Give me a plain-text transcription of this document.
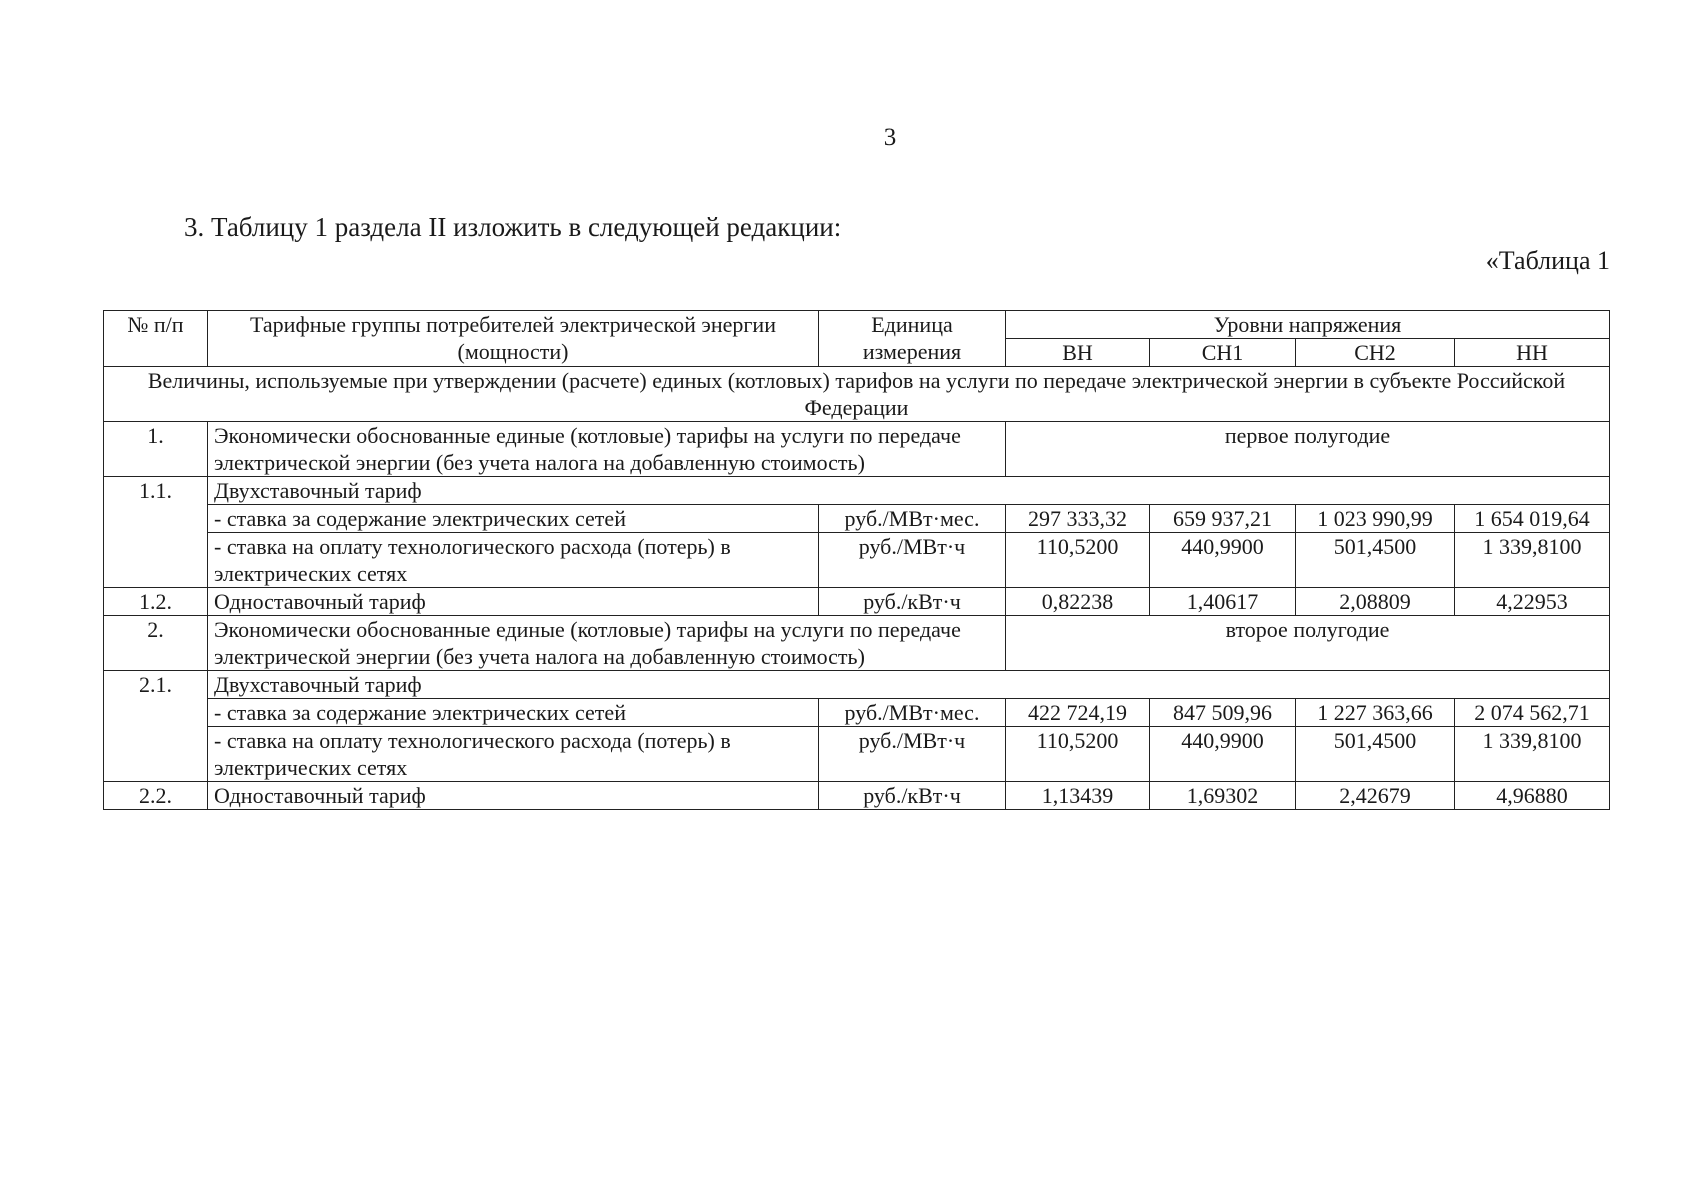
3
3. Таблицу 1 раздела II изложить в следующей редакции:
«Таблица 1
№ п/п	Тарифные группы потребителей электрической энергии (мощности)	Единица измерения	Уровни напряжения			
			ВН	СН1	СН2	НН
Величины, используемые при утверждении (расчете) единых (котловых) тарифов на услуги по передаче электрической энергии в субъекте Российской Федерации						
1.	Экономически обоснованные единые (котловые) тарифы на услуги по передаче электрической энергии (без учета налога на добавленную стоимость)		первое полугодие			
1.1.	Двухставочный тариф					
	- ставка за содержание электрических сетей	руб./МВт·мес.	297 333,32	659 937,21	1 023 990,99	1 654 019,64
	- ставка на оплату технологического расхода (потерь) в электрических сетях	руб./МВт·ч	110,5200	440,9900	501,4500	1 339,8100
1.2.	Одноставочный тариф	руб./кВт·ч	0,82238	1,40617	2,08809	4,22953
2.	Экономически обоснованные единые (котловые) тарифы на услуги по передаче электрической энергии (без учета налога на добавленную стоимость)		второе полугодие			
2.1.	Двухставочный тариф					
	- ставка за содержание электрических сетей	руб./МВт·мес.	422 724,19	847 509,96	1 227 363,66	2 074 562,71
	- ставка на оплату технологического расхода (потерь) в электрических сетях	руб./МВт·ч	110,5200	440,9900	501,4500	1 339,8100
2.2.	Одноставочный тариф	руб./кВт·ч	1,13439	1,69302	2,42679	4,96880
